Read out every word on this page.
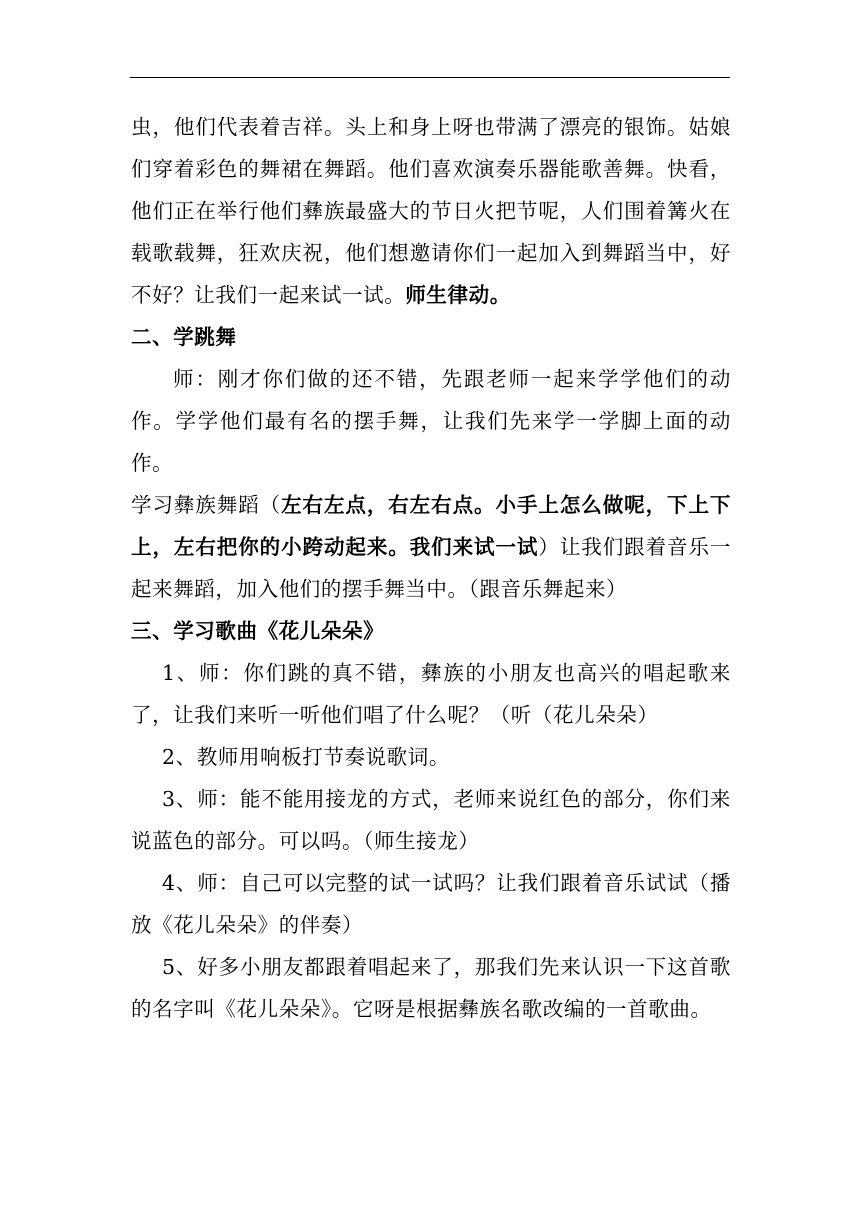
虫，他们代表着吉祥。头上和身上呀也带满了漂亮的银饰。姑娘们穿着彩色的舞裙在舞蹈。他们喜欢演奏乐器能歌善舞。快看，他们正在举行他们彝族最盛大的节日火把节呢，人们围着篝火在载歌载舞，狂欢庆祝，他们想邀请你们一起加入到舞蹈当中，好不好？让我们一起来试一试。师生律动。

二、学跳舞

师：刚才你们做的还不错，先跟老师一起来学学他们的动作。学学他们最有名的摆手舞，让我们先来学一学脚上面的动作。

学习彝族舞蹈（左右左点，右左右点。小手上怎么做呢，下上下上，左右把你的小跨动起来。我们来试一试）让我们跟着音乐一起来舞蹈，加入他们的摆手舞当中。（跟音乐舞起来）

三、学习歌曲《花儿朵朵》

1、师：你们跳的真不错，彝族的小朋友也高兴的唱起歌来了，让我们来听一听他们唱了什么呢？（听（花儿朵朵）

2、教师用响板打节奏说歌词。

3、师：能不能用接龙的方式，老师来说红色的部分，你们来说蓝色的部分。可以吗。（师生接龙）

4、师：自己可以完整的试一试吗？让我们跟着音乐试试（播放《花儿朵朵》的伴奏）

5、好多小朋友都跟着唱起来了，那我们先来认识一下这首歌的名字叫《花儿朵朵》。它呀是根据彝族名歌改编的一首歌曲。
